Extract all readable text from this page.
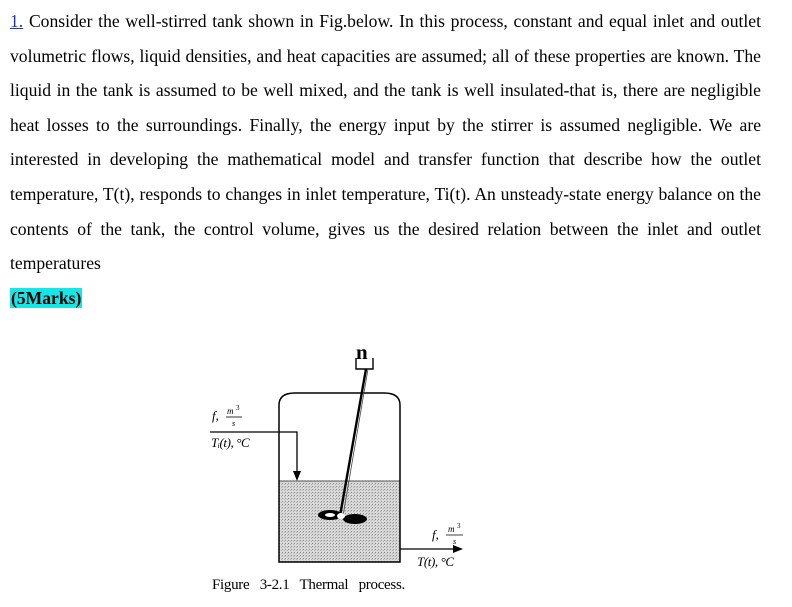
1. Consider the well-stirred tank shown in Fig.below. In this process, constant and equal inlet and outlet volumetric flows, liquid densities, and heat capacities are assumed; all of these properties are known. The liquid in the tank is assumed to be well mixed, and the tank is well insulated-that is, there are negligible heat losses to the surroundings. Finally, the energy input by the stirrer is assumed negligible. We are interested in developing the mathematical model and transfer function that describe how the outlet temperature, T(t), responds to changes in inlet temperature, Ti(t). An unsteady-state energy balance on the contents of the tank, the control volume, gives us the desired relation between the inlet and outlet temperatures
(5Marks)
n
f, m 3
s
Tᵢ(t), °C
f, m 3
s
T(t), °C
Figure   3-2.1   Thermal   process.
